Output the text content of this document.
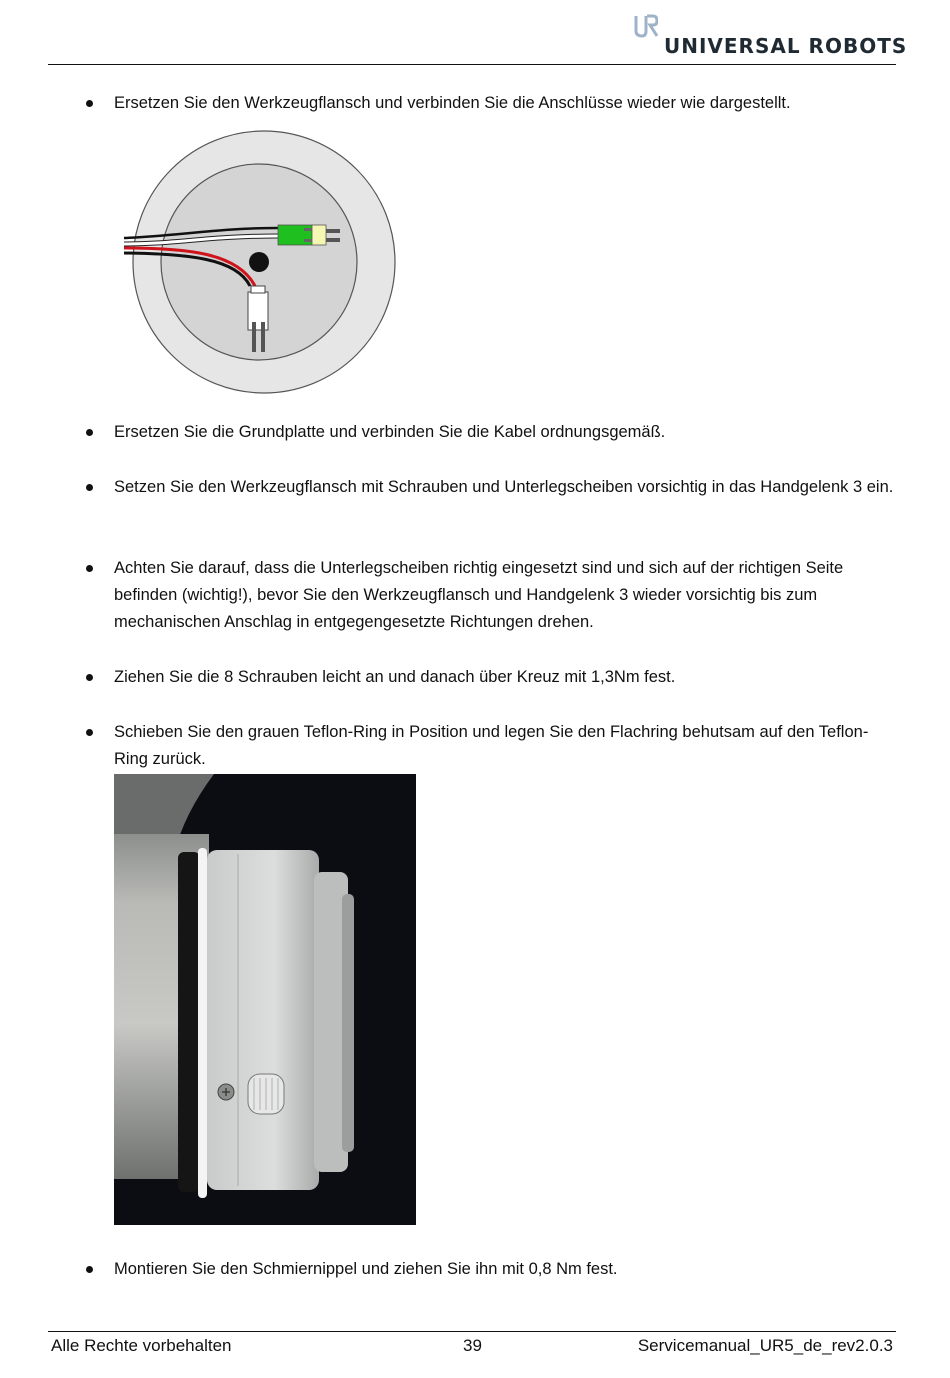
UNIVERSAL ROBOTS
Ersetzen Sie den Werkzeugflansch und verbinden Sie die Anschlüsse wieder wie dargestellt.
Ersetzen Sie die Grundplatte und verbinden Sie die Kabel ordnungsgemäß.
Setzen Sie den Werkzeugflansch mit Schrauben und Unterlegscheiben vorsichtig in das Handgelenk 3 ein.
Achten Sie darauf, dass die Unterlegscheiben richtig eingesetzt sind und sich auf der richtigen Seite befinden (wichtig!), bevor Sie den Werkzeugflansch und Handgelenk 3 wieder vorsichtig bis zum mechanischen Anschlag in entgegengesetzte Richtungen drehen.
Ziehen Sie die 8 Schrauben leicht an und danach über Kreuz mit 1,3Nm fest.
Schieben Sie den grauen Teflon-Ring in Position und legen Sie den Flachring behutsam auf den Teflon-Ring zurück.
Montieren Sie den Schmiernippel und ziehen Sie ihn mit 0,8 Nm fest.
Alle Rechte vorbehalten	39	Servicemanual_UR5_de_rev2.0.3
